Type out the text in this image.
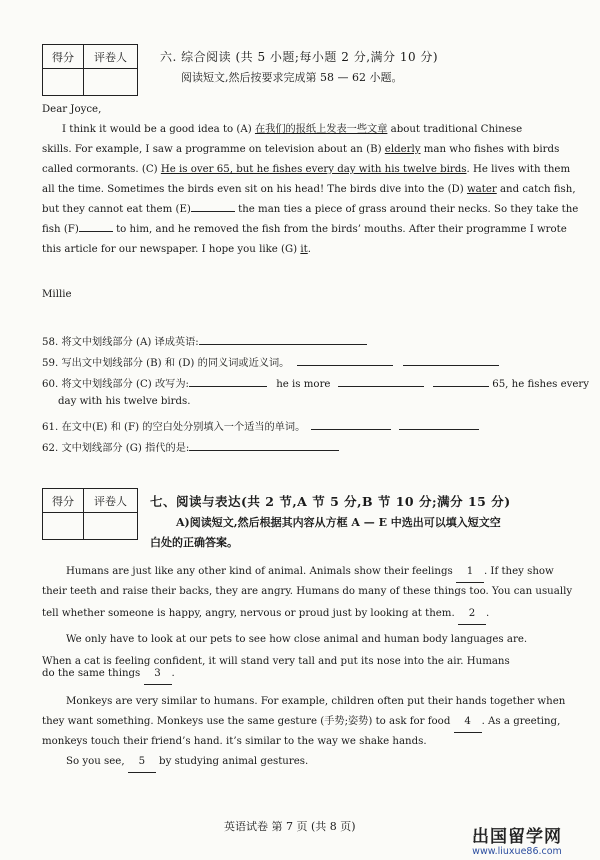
得分	评卷人
		六. 综合阅读 (共 5 小题;每小题 2 分,满分 10 分)
阅读短文,然后按要求完成第 58 — 62 小题。
Dear Joyce,
I think it would be a good idea to (A) 在我们的报纸上发表一些文章 about traditional Chinese
skills. For example, I saw a programme on television about an (B) elderly man who fishes with birds
called cormorants. (C) He is over 65, but he fishes every day with his twelve birds. He lives with them
all the time. Sometimes the birds even sit on his head! The birds dive into the (D) water and catch fish,
but they cannot eat them (E)	the man ties a piece of grass around their necks. So they take the
fish (F)	to him, and he removed the fish from the birds’ mouths. After their programme I wrote
this article for our newspaper. I hope you like (G) it.
Millie
58. 将文中划线部分 (A) 译成英语:
59. 写出文中划线部分 (B) 和 (D) 的同义词或近义词。
60. 将文中划线部分 (C) 改写为:	he is more	65, he fishes every
day with his twelve birds.
61. 在文中(E) 和 (F) 的空白处分别填入一个适当的单词。
62. 文中划线部分 (G) 指代的是:
得分	评卷人
	七、阅读与表达(共 2 节,A 节 5 分,B 节 10 分;满分 15 分)
A)阅读短文,然后根据其内容从方框 A — E 中选出可以填入短文空
白处的正确答案。
Humans are just like any other kind of animal. Animals show their feelings 1 . If they show
their teeth and raise their backs, they are angry. Humans do many of these things too. You can usually
tell whether someone is happy, angry, nervous or proud just by looking at them. 2 .
We only have to look at our pets to see how close animal and human body languages are.
When a cat is feeling confident, it will stand very tall and put its nose into the air. Humans
do the same things 3 .
Monkeys are very similar to humans. For example, children often put their hands together when
they want something. Monkeys use the same gesture (手势;姿势) to ask for food 4 . As a greeting,
monkeys touch their friend’s hand. it’s similar to the way we shake hands.
So you see, 5 by studying animal gestures.
英语试卷 第 7 页 (共 8 页)
出国留学网
www.liuxue86.com
